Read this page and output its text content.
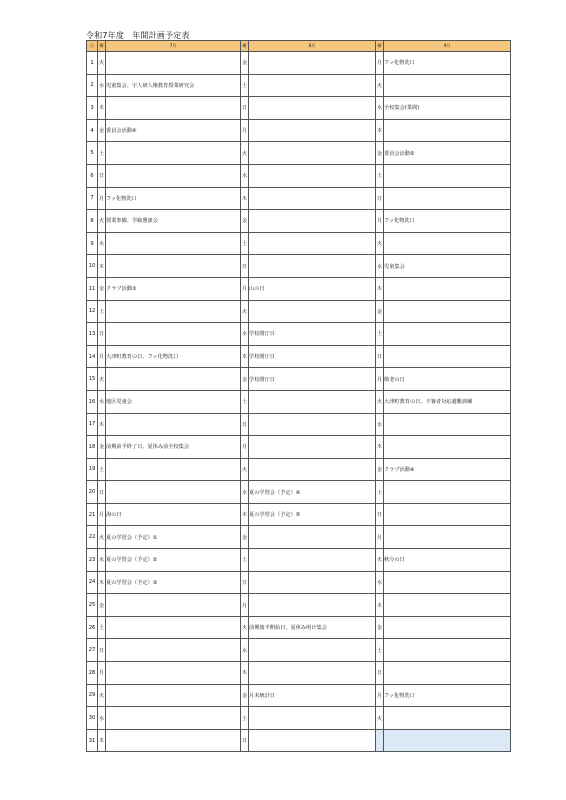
令和7年度　年間計画予定表
日	曜	7月	曜	8月	曜	9月
1	火		金		月	フッ化物洗口
2	水	児童集会、宇人研人権教育授業研究会	土		火	
3	木		日		水	全校集会(業間)
4	金	委員会活動④	月		木	
5	土		火		金	委員会活動⑤
6	日		水		土	
7	月	フッ化物洗口	木		日	
8	火	授業参観、学級懇談会	金		月	フッ化物洗口
9	水		土		火	
10	木		日		水	児童集会
11	金	クラブ活動③	月	山の日	木	
12	土		火		金	
13	日		水	学校閉庁日	土	
14	月	大津町教育の日、フッ化物洗口	木	学校閉庁日	日	
15	火		金	学校閉庁日	月	敬老の日
16	水	地区児童会	土		火	大津町教育の日、不審者対応避難訓練
17	木		日		水	
18	金	前期前半終了日、夏休み前全校集会	月		木	
19	土		火		金	クラブ活動④
20	日		水	夏の学習会（予定）④	土	
21	月	海の日	木	夏の学習会（予定）⑤	日	
22	火	夏の学習会（予定）①	金		月	
23	水	夏の学習会（予定）②	土		火	秋分の日
24	木	夏の学習会（予定）③	日		水	
25	金		月		木	
26	土		火	前期後半開始日、夏休み明け集会	金	
27	日		水		土	
28	月		木		日	
29	火		金	月末統計日	月	フッ化物洗口
30	水		土		火	
31	木		日			
